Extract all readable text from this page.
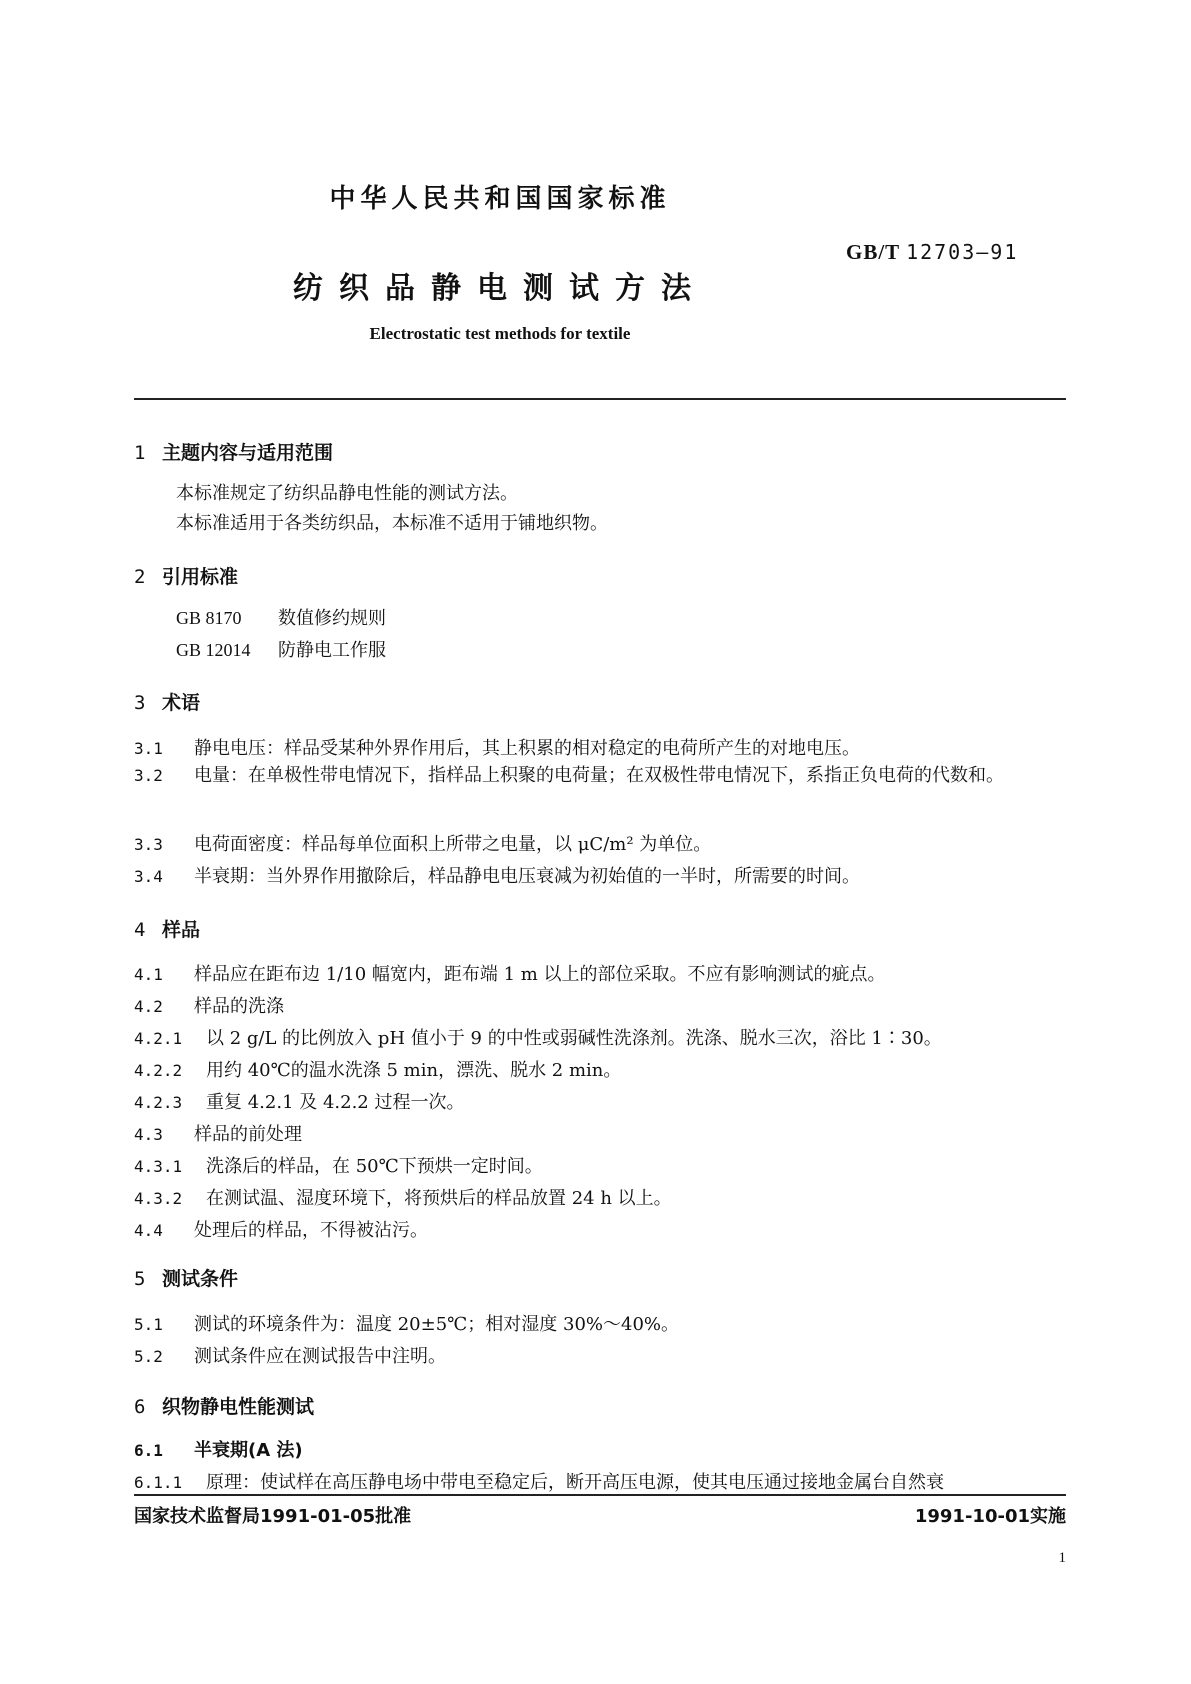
中华人民共和国国家标准
GB/T 12703—91
纺织品静电测试方法
Electrostatic test methods for textile
1 主题内容与适用范围
本标准规定了纺织品静电性能的测试方法。
本标准适用于各类纺织品，本标准不适用于铺地织物。
2 引用标准
GB 8170 数值修约规则
GB 12014 防静电工作服
3 术语
3.1 静电电压：样品受某种外界作用后，其上积累的相对稳定的电荷所产生的对地电压。
3.2 电量：在单极性带电情况下，指样品上积聚的电荷量；在双极性带电情况下，系指正负电荷的代数和。
3.3 电荷面密度：样品每单位面积上所带之电量，以 μC/m² 为单位。
3.4 半衰期：当外界作用撤除后，样品静电电压衰减为初始值的一半时，所需要的时间。
4 样品
4.1 样品应在距布边 1/10 幅宽内，距布端 1 m 以上的部位采取。不应有影响测试的疵点。
4.2 样品的洗涤
4.2.1 以 2 g/L 的比例放入 pH 值小于 9 的中性或弱碱性洗涤剂。洗涤、脱水三次，浴比 1∶30。
4.2.2 用约 40℃的温水洗涤 5 min，漂洗、脱水 2 min。
4.2.3 重复 4.2.1 及 4.2.2 过程一次。
4.3 样品的前处理
4.3.1 洗涤后的样品，在 50℃下预烘一定时间。
4.3.2 在测试温、湿度环境下，将预烘后的样品放置 24 h 以上。
4.4 处理后的样品，不得被沾污。
5 测试条件
5.1 测试的环境条件为：温度 20±5℃；相对湿度 30%～40%。
5.2 测试条件应在测试报告中注明。
6 织物静电性能测试
6.1 半衰期(A 法)
6.1.1 原理：使试样在高压静电场中带电至稳定后，断开高压电源，使其电压通过接地金属台自然衰
国家技术监督局1991-01-05批准	1991-10-01实施
1
